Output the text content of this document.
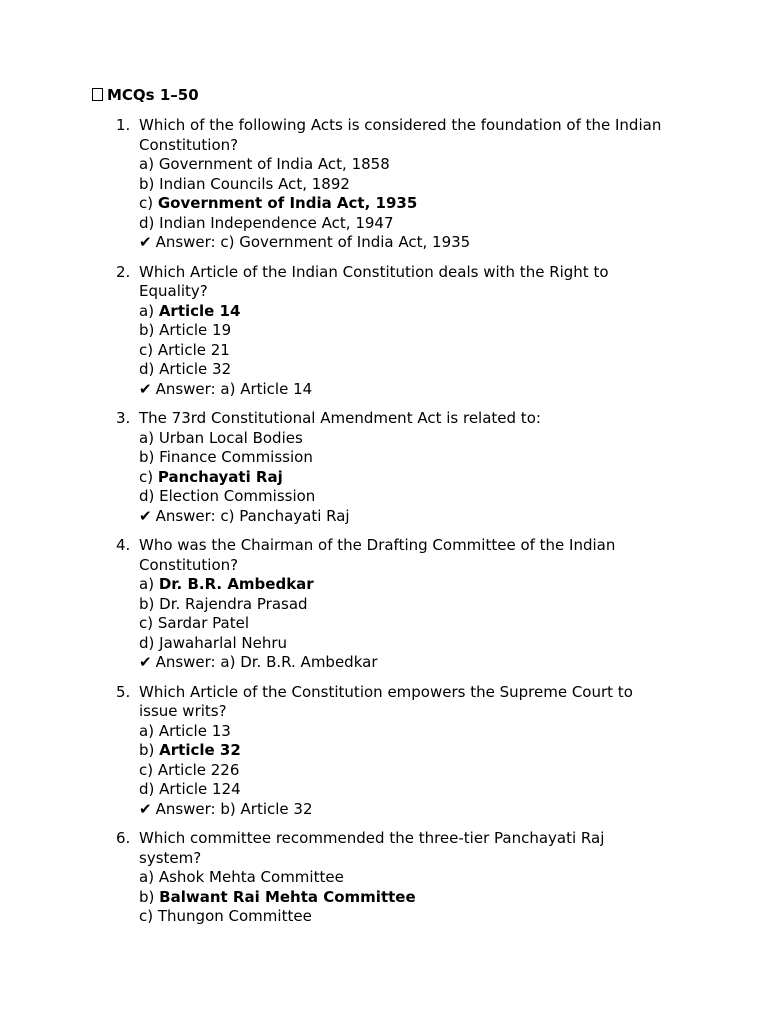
MCQs 1–50
1. Which of the following Acts is considered the foundation of the Indian Constitution?
a) Government of India Act, 1858
b) Indian Councils Act, 1892
c) Government of India Act, 1935
d) Indian Independence Act, 1947
✔ Answer: c) Government of India Act, 1935
2. Which Article of the Indian Constitution deals with the Right to Equality?
a) Article 14
b) Article 19
c) Article 21
d) Article 32
✔ Answer: a) Article 14
3. The 73rd Constitutional Amendment Act is related to:
a) Urban Local Bodies
b) Finance Commission
c) Panchayati Raj
d) Election Commission
✔ Answer: c) Panchayati Raj
4. Who was the Chairman of the Drafting Committee of the Indian Constitution?
a) Dr. B.R. Ambedkar
b) Dr. Rajendra Prasad
c) Sardar Patel
d) Jawaharlal Nehru
✔ Answer: a) Dr. B.R. Ambedkar
5. Which Article of the Constitution empowers the Supreme Court to issue writs?
a) Article 13
b) Article 32
c) Article 226
d) Article 124
✔ Answer: b) Article 32
6. Which committee recommended the three-tier Panchayati Raj system?
a) Ashok Mehta Committee
b) Balwant Rai Mehta Committee
c) Thungon Committee
